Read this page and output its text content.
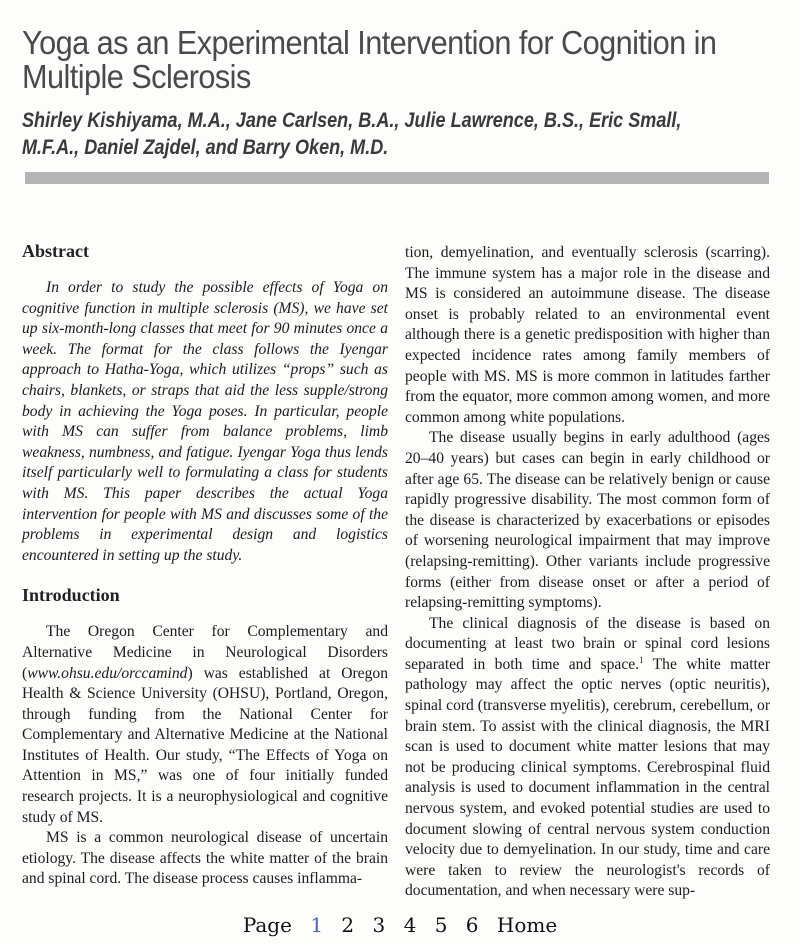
Yoga as an Experimental Intervention for Cognition in Multiple Sclerosis
Shirley Kishiyama, M.A., Jane Carlsen, B.A., Julie Lawrence, B.S., Eric Small, M.F.A., Daniel Zajdel, and Barry Oken, M.D.
Abstract

In order to study the possible effects of Yoga on cognitive function in multiple sclerosis (MS), we have set up six-month-long classes that meet for 90 minutes once a week. The format for the class follows the Iyengar approach to Hatha-Yoga, which utilizes “props” such as chairs, blankets, or straps that aid the less supple/strong body in achieving the Yoga poses. In particular, people with MS can suffer from balance problems, limb weakness, numbness, and fatigue. Iyengar Yoga thus lends itself particularly well to formulating a class for students with MS. This paper describes the actual Yoga intervention for people with MS and discusses some of the problems in experimental design and logistics encountered in setting up the study.

Introduction

The Oregon Center for Complementary and Alternative Medicine in Neurological Disorders (www.ohsu.edu/orccamind) was established at Oregon Health & Science University (OHSU), Portland, Oregon, through funding from the National Center for Complementary and Alternative Medicine at the National Institutes of Health. Our study, “The Effects of Yoga on Attention in MS,” was one of four initially funded research projects. It is a neurophysiological and cognitive study of MS.

MS is a common neurological disease of uncertain etiology. The disease affects the white matter of the brain and spinal cord. The disease process causes inflamma-

tion, demyelination, and eventually sclerosis (scarring). The immune system has a major role in the disease and MS is considered an autoimmune disease. The disease onset is probably related to an environmental event although there is a genetic predisposition with higher than expected incidence rates among family members of people with MS. MS is more common in latitudes farther from the equator, more common among women, and more common among white populations.

The disease usually begins in early adulthood (ages 20–40 years) but cases can begin in early childhood or after age 65. The disease can be relatively benign or cause rapidly progressive disability. The most common form of the disease is characterized by exacerbations or episodes of worsening neurological impairment that may improve (relapsing-remitting). Other variants include progressive forms (either from disease onset or after a period of relapsing-remitting symptoms).

The clinical diagnosis of the disease is based on documenting at least two brain or spinal cord lesions separated in both time and space.$^1$ The white matter pathology may affect the optic nerves (optic neuritis), spinal cord (transverse myelitis), cerebrum, cerebellum, or brain stem. To assist with the clinical diagnosis, the MRI scan is used to document white matter lesions that may not be producing clinical symptoms. Cerebrospinal fluid analysis is used to document inflammation in the central nervous system, and evoked potential studies are used to document slowing of central nervous system conduction velocity due to demyelination. In our study, time and care were taken to review the neurologist's records of documentation, and when necessary were sup-

Page 1 2 3 4 5 6 Home
